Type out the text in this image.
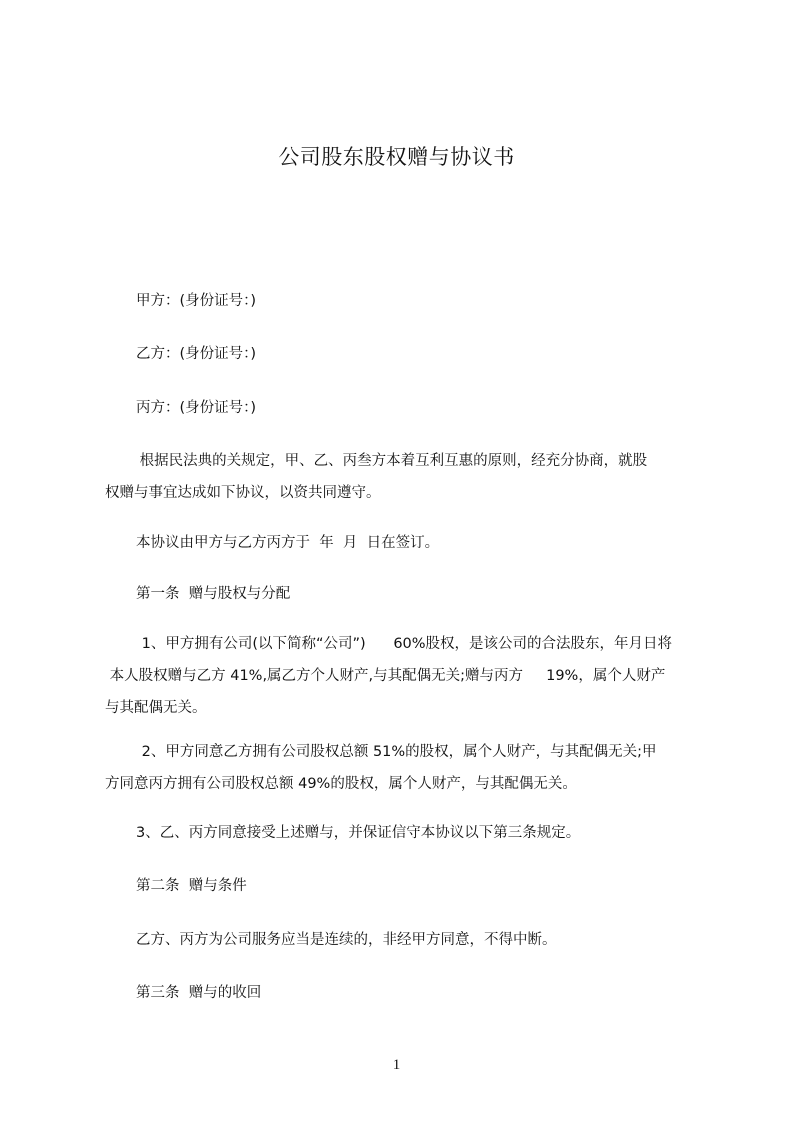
公司股东股权赠与协议书
甲方：(身份证号：)
乙方：(身份证号：)
丙方：(身份证号：)
根据民法典的关规定，甲、乙、丙叁方本着互利互惠的原则，经充分协商，就股
权赠与事宜达成如下协议，以资共同遵守。
本协议由甲方与乙方丙方于  年  月  日在签订。
第一条  赠与股权与分配
1、甲方拥有公司(以下简称“公司”)      60%股权，是该公司的合法股东，年月日将
本人股权赠与乙方 41%,属乙方个人财产,与其配偶无关;赠与丙方     19%，属个人财产
与其配偶无关。
2、甲方同意乙方拥有公司股权总额 51%的股权，属个人财产，与其配偶无关;甲
方同意丙方拥有公司股权总额 49%的股权，属个人财产，与其配偶无关。
3、乙、丙方同意接受上述赠与，并保证信守本协议以下第三条规定。
第二条  赠与条件
乙方、丙方为公司服务应当是连续的，非经甲方同意，不得中断。
第三条  赠与的收回
1
